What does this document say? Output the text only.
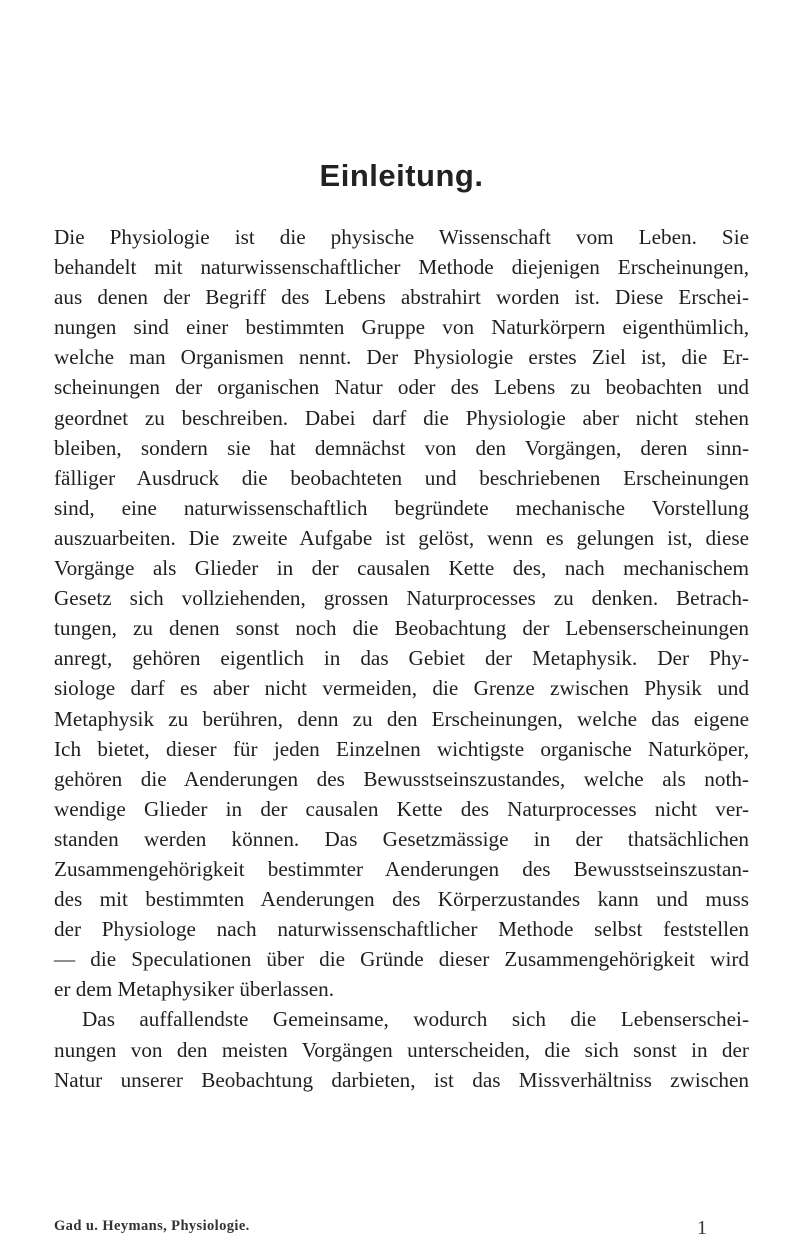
Einleitung.
Die Physiologie ist die physische Wissenschaft vom Leben. Sie
behandelt mit naturwissenschaftlicher Methode diejenigen Erscheinungen,
aus denen der Begriff des Lebens abstrahirt worden ist. Diese Erschei-
nungen sind einer bestimmten Gruppe von Naturkörpern eigenthümlich,
welche man Organismen nennt. Der Physiologie erstes Ziel ist, die Er-
scheinungen der organischen Natur oder des Lebens zu beobachten und
geordnet zu beschreiben. Dabei darf die Physiologie aber nicht stehen
bleiben, sondern sie hat demnächst von den Vorgängen, deren sinn-
fälliger Ausdruck die beobachteten und beschriebenen Erscheinungen
sind, eine naturwissenschaftlich begründete mechanische Vorstellung
auszuarbeiten. Die zweite Aufgabe ist gelöst, wenn es gelungen ist, diese
Vorgänge als Glieder in der causalen Kette des, nach mechanischem
Gesetz sich vollziehenden, grossen Naturprocesses zu denken. Betrach-
tungen, zu denen sonst noch die Beobachtung der Lebenserscheinungen
anregt, gehören eigentlich in das Gebiet der Metaphysik. Der Phy-
siologe darf es aber nicht vermeiden, die Grenze zwischen Physik und
Metaphysik zu berühren, denn zu den Erscheinungen, welche das eigene
Ich bietet, dieser für jeden Einzelnen wichtigste organische Naturköper,
gehören die Aenderungen des Bewusstseinszustandes, welche als noth-
wendige Glieder in der causalen Kette des Naturprocesses nicht ver-
standen werden können. Das Gesetzmässige in der thatsächlichen
Zusammengehörigkeit bestimmter Aenderungen des Bewusstseinszustan-
des mit bestimmten Aenderungen des Körperzustandes kann und muss
der Physiologe nach naturwissenschaftlicher Methode selbst feststellen
— die Speculationen über die Gründe dieser Zusammengehörigkeit wird
er dem Metaphysiker überlassen.
Das auffallendste Gemeinsame, wodurch sich die Lebenserschei-
nungen von den meisten Vorgängen unterscheiden, die sich sonst in der
Natur unserer Beobachtung darbieten, ist das Missverhältniss zwischen
Gad u. Heymans, Physiologie.	1
